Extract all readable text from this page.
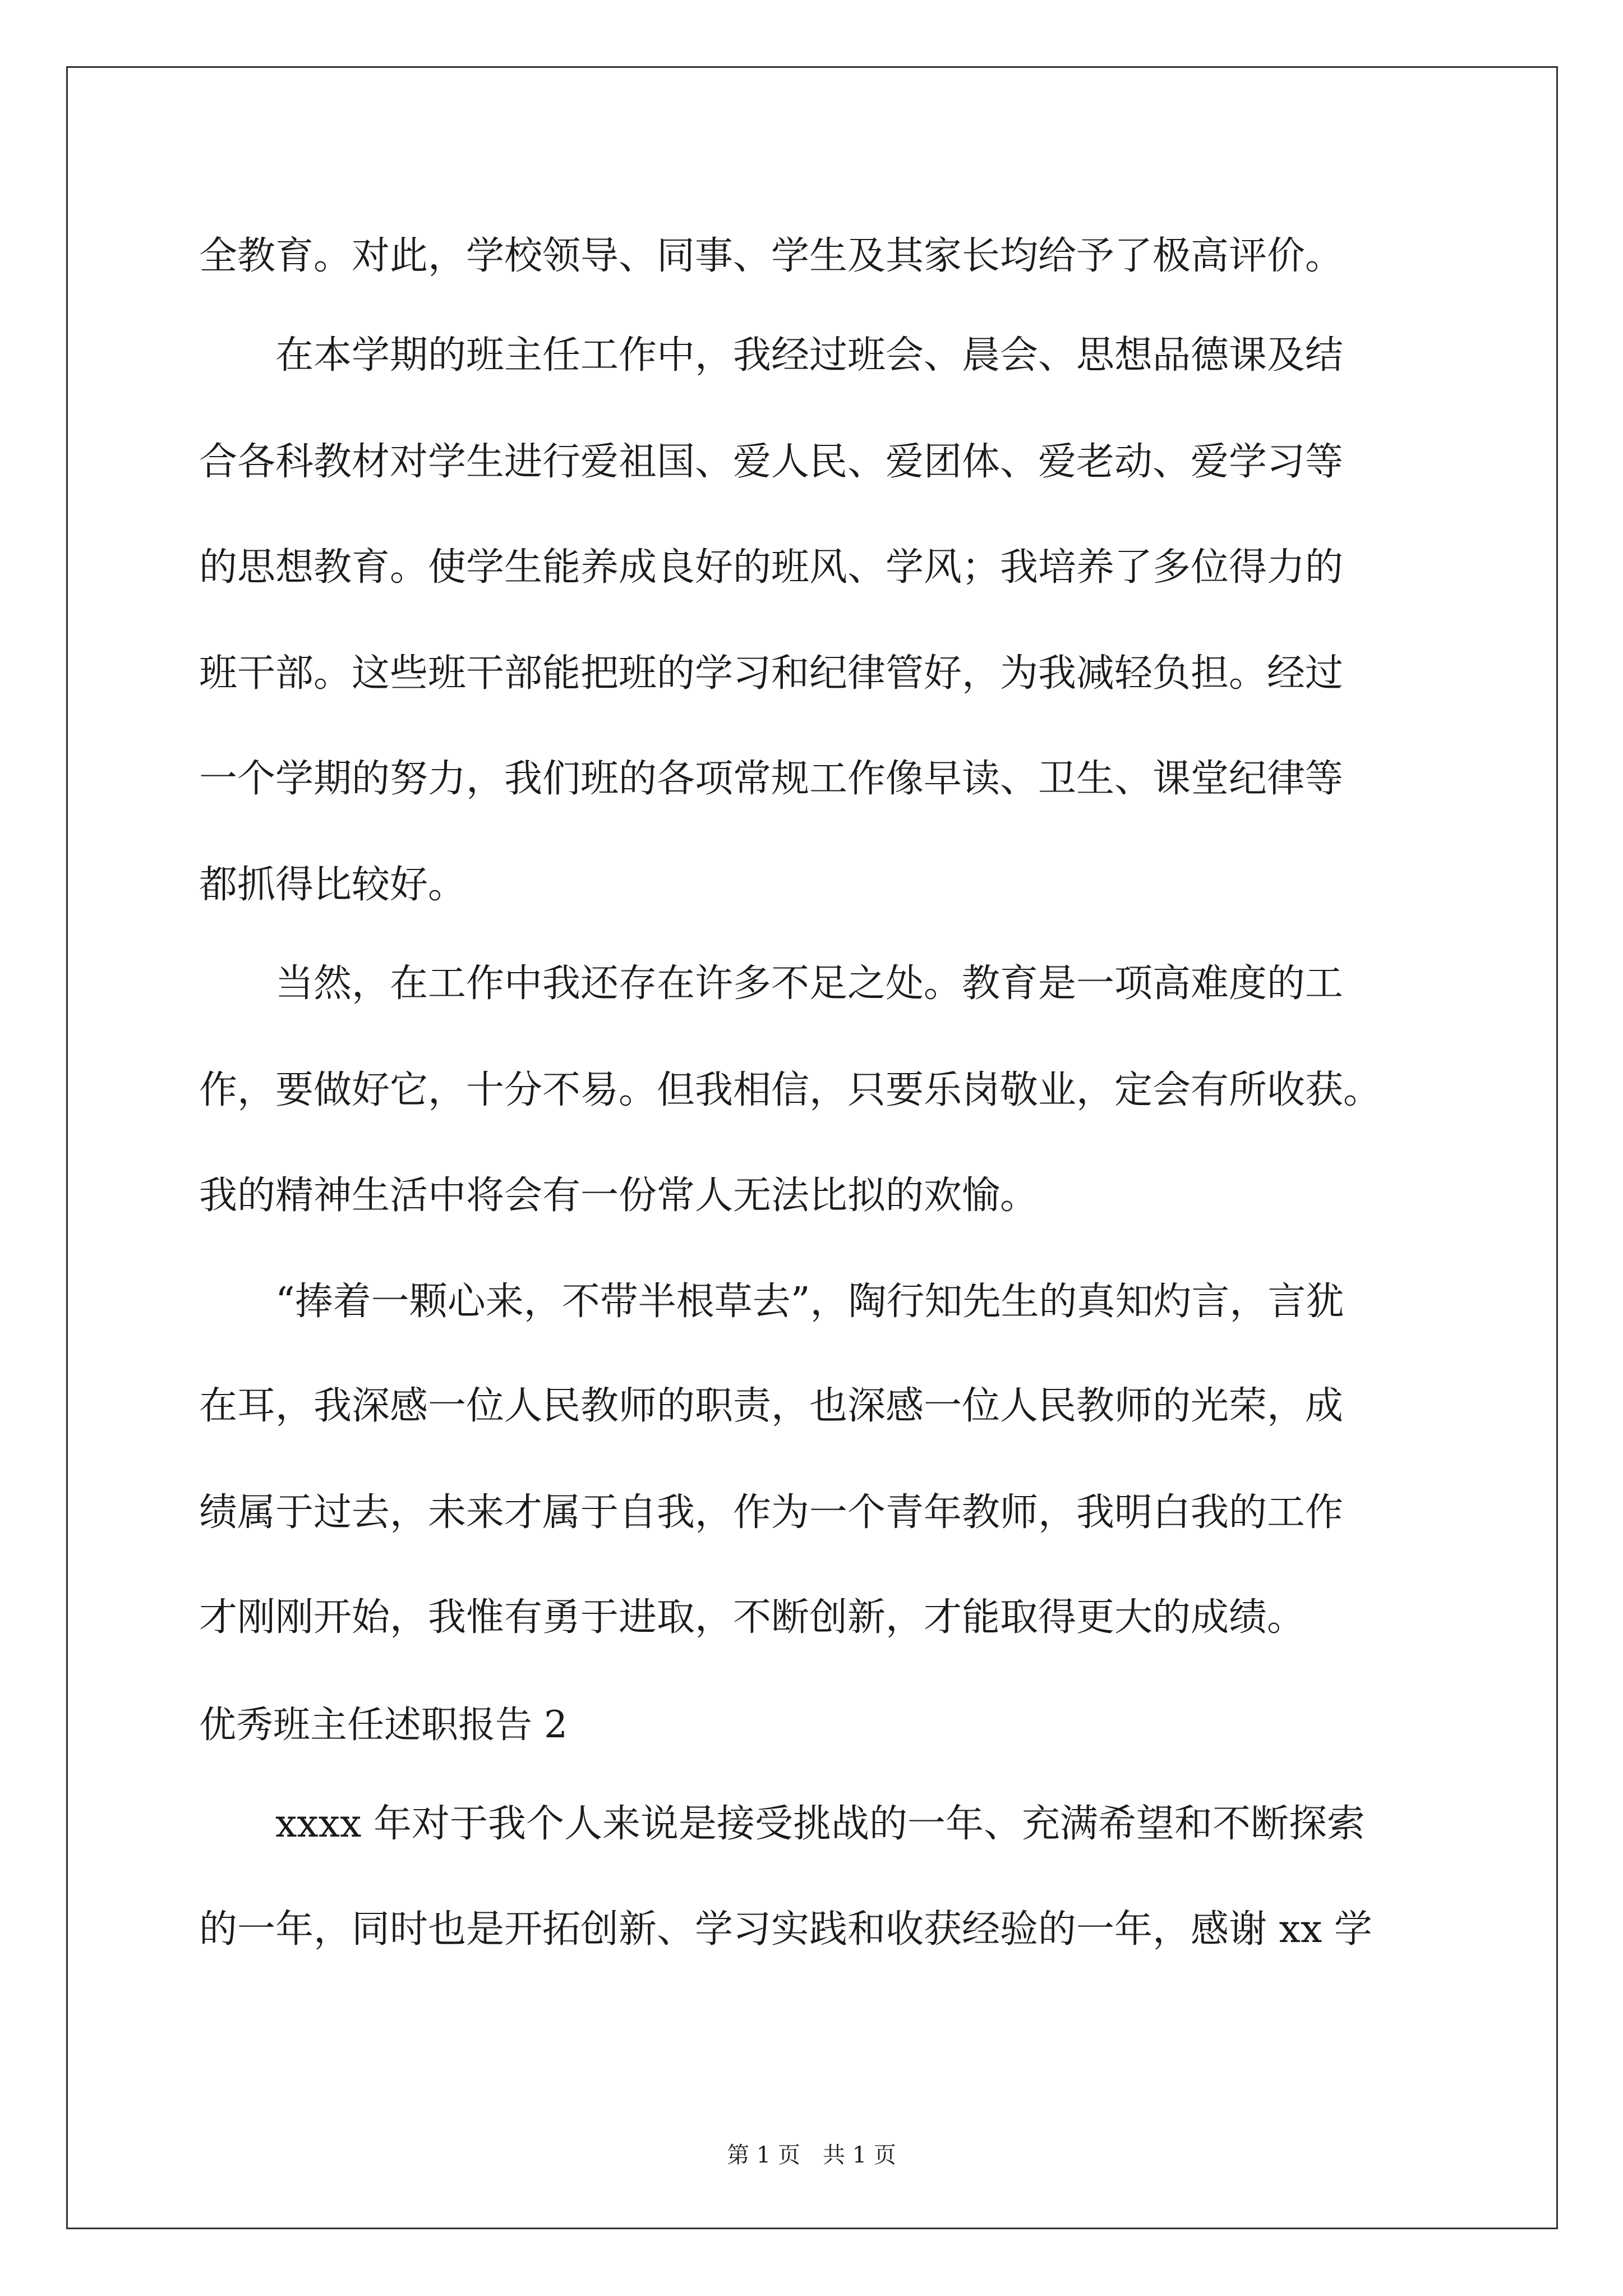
全教育。对此，学校领导、同事、学生及其家长均给予了极高评价。
　　在本学期的班主任工作中，我经过班会、晨会、思想品德课及结
合各科教材对学生进行爱祖国、爱人民、爱团体、爱老动、爱学习等
的思想教育。使学生能养成良好的班风、学风；我培养了多位得力的
班干部。这些班干部能把班的学习和纪律管好，为我减轻负担。经过
一个学期的努力，我们班的各项常规工作像早读、卫生、课堂纪律等
都抓得比较好。
　　当然，在工作中我还存在许多不足之处。教育是一项高难度的工
作，要做好它，十分不易。但我相信，只要乐岗敬业，定会有所收获。
我的精神生活中将会有一份常人无法比拟的欢愉。
　　“捧着一颗心来，不带半根草去”，陶行知先生的真知灼言，言犹
在耳，我深感一位人民教师的职责，也深感一位人民教师的光荣，成
绩属于过去，未来才属于自我，作为一个青年教师，我明白我的工作
才刚刚开始，我惟有勇于进取，不断创新，才能取得更大的成绩。
优秀班主任述职报告 2
　　xxxx 年对于我个人来说是接受挑战的一年、充满希望和不断探索
的一年，同时也是开拓创新、学习实践和收获经验的一年，感谢 xx 学
第 1 页　共 1 页
